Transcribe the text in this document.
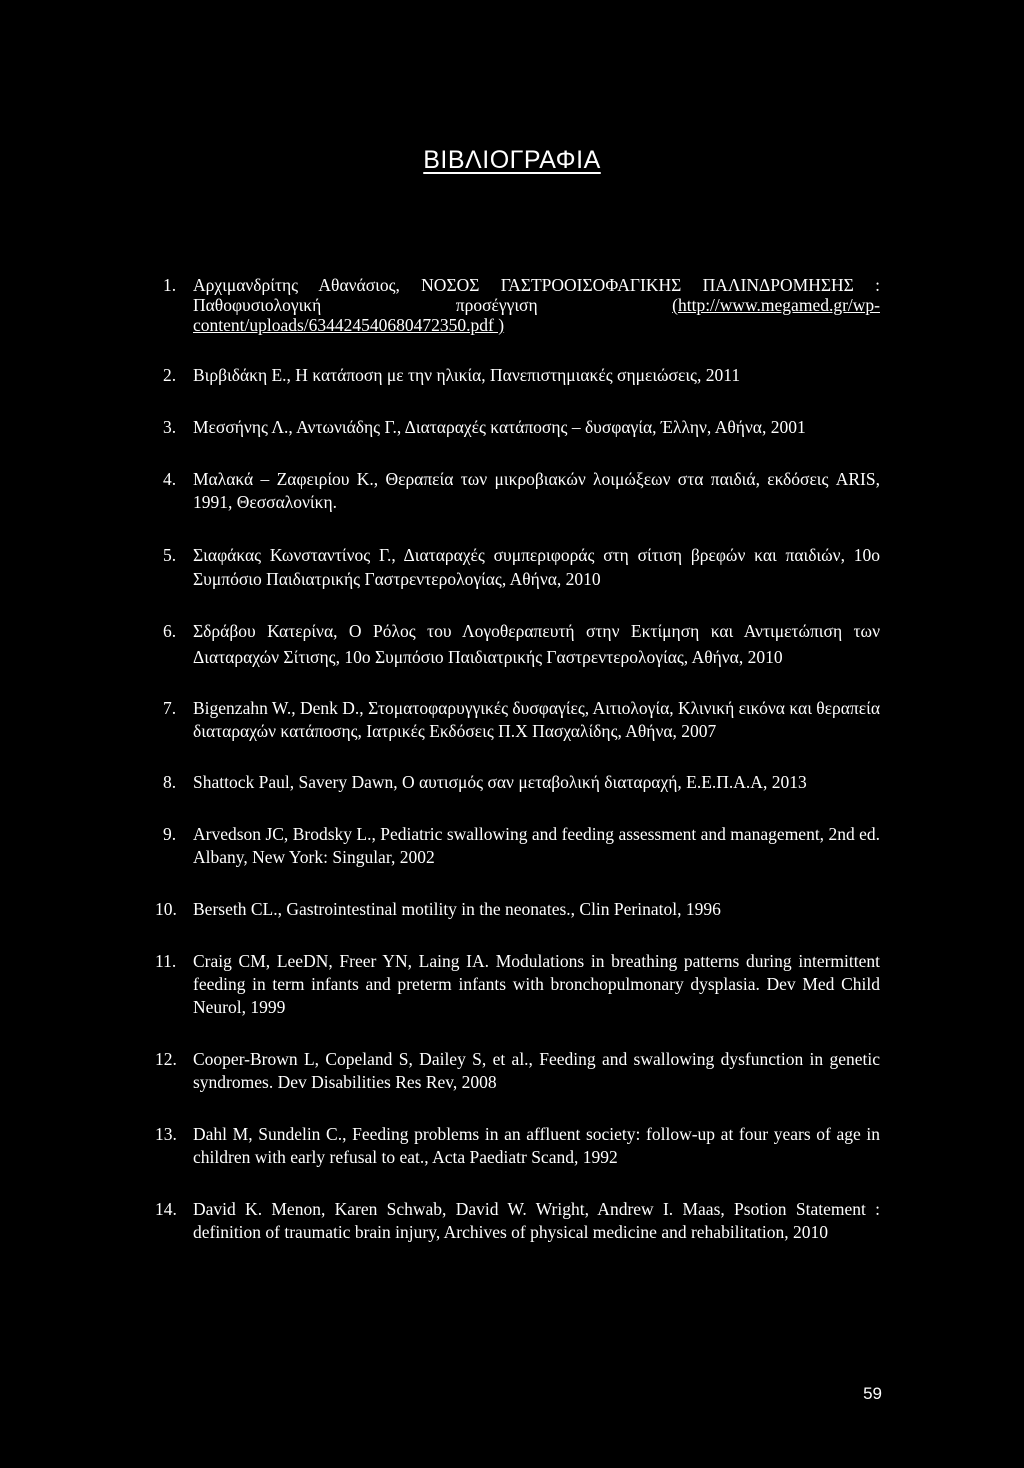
ΒΙΒΛΙΟΓΡΑΦΙΑ
1. Αρχιμανδρίτης Αθανάσιος, ΝΟΣΟΣ ΓΑΣΤΡΟΟΙΣΟΦΑΓΙΚΗΣ ΠΑΛΙΝΔΡΟΜΗΣΗΣ : Παθοφυσιολογική προσέγγιση	(http://www.megamed.gr/wp-content/uploads/634424540680472350.pdf )
2. Βιρβιδάκη Ε., Η κατάποση με την ηλικία, Πανεπιστημιακές σημειώσεις, 2011
3. Μεσσήνης Λ., Αντωνιάδης Γ., Διαταραχές κατάποσης – δυσφαγία, Έλλην, Αθήνα, 2001
4. Μαλακά – Ζαφειρίου Κ., Θεραπεία των μικροβιακών λοιμώξεων στα παιδιά, εκδόσεις ARIS, 1991, Θεσσαλονίκη.
5. Σιαφάκας Κωνσταντίνος Γ., Διαταραχές συμπεριφοράς στη σίτιση βρεφών και παιδιών, 10ο Συμπόσιο Παιδιατρικής Γαστρεντερολογίας, Αθήνα, 2010
6. Σδράβου Κατερίνα, Ο Ρόλος του Λογοθεραπευτή στην Εκτίμηση και Αντιμετώπιση των Διαταραχών Σίτισης, 10ο Συμπόσιο Παιδιατρικής Γαστρεντερολογίας, Αθήνα, 2010
7. Bigenzahn W., Denk D., Στοματοφαρυγγικές δυσφαγίες, Αιτιολογία, Κλινική εικόνα και θεραπεία διαταραχών κατάποσης, Ιατρικές Εκδόσεις Π.Χ Πασχαλίδης, Αθήνα, 2007
8. Shattock Paul, Savery Dawn, Ο αυτισμός σαν μεταβολική διαταραχή, Ε.Ε.Π.Α.Α, 2013
9. Arvedson JC, Brodsky L., Pediatric swallowing and feeding assessment and management, 2nd ed. Albany, New York: Singular, 2002
10. Berseth CL., Gastrointestinal motility in the neonates., Clin Perinatol, 1996
11. Craig CM, LeeDN, Freer YN, Laing IA. Modulations in breathing patterns during intermittent feeding in term infants and preterm infants with bronchopulmonary dysplasia. Dev Med Child Neurol, 1999
12. Cooper-Brown L, Copeland S, Dailey S, et al., Feeding and swallowing dysfunction in genetic syndromes. Dev Disabilities Res Rev, 2008
13. Dahl M, Sundelin C., Feeding problems in an affluent society: follow-up at four years of age in children with early refusal to eat., Acta Paediatr Scand, 1992
14. David K. Menon, Karen Schwab, David W. Wright, Andrew I. Maas, Psotion Statement : definition of traumatic brain injury, Archives of physical medicine and rehabilitation, 2010
59
